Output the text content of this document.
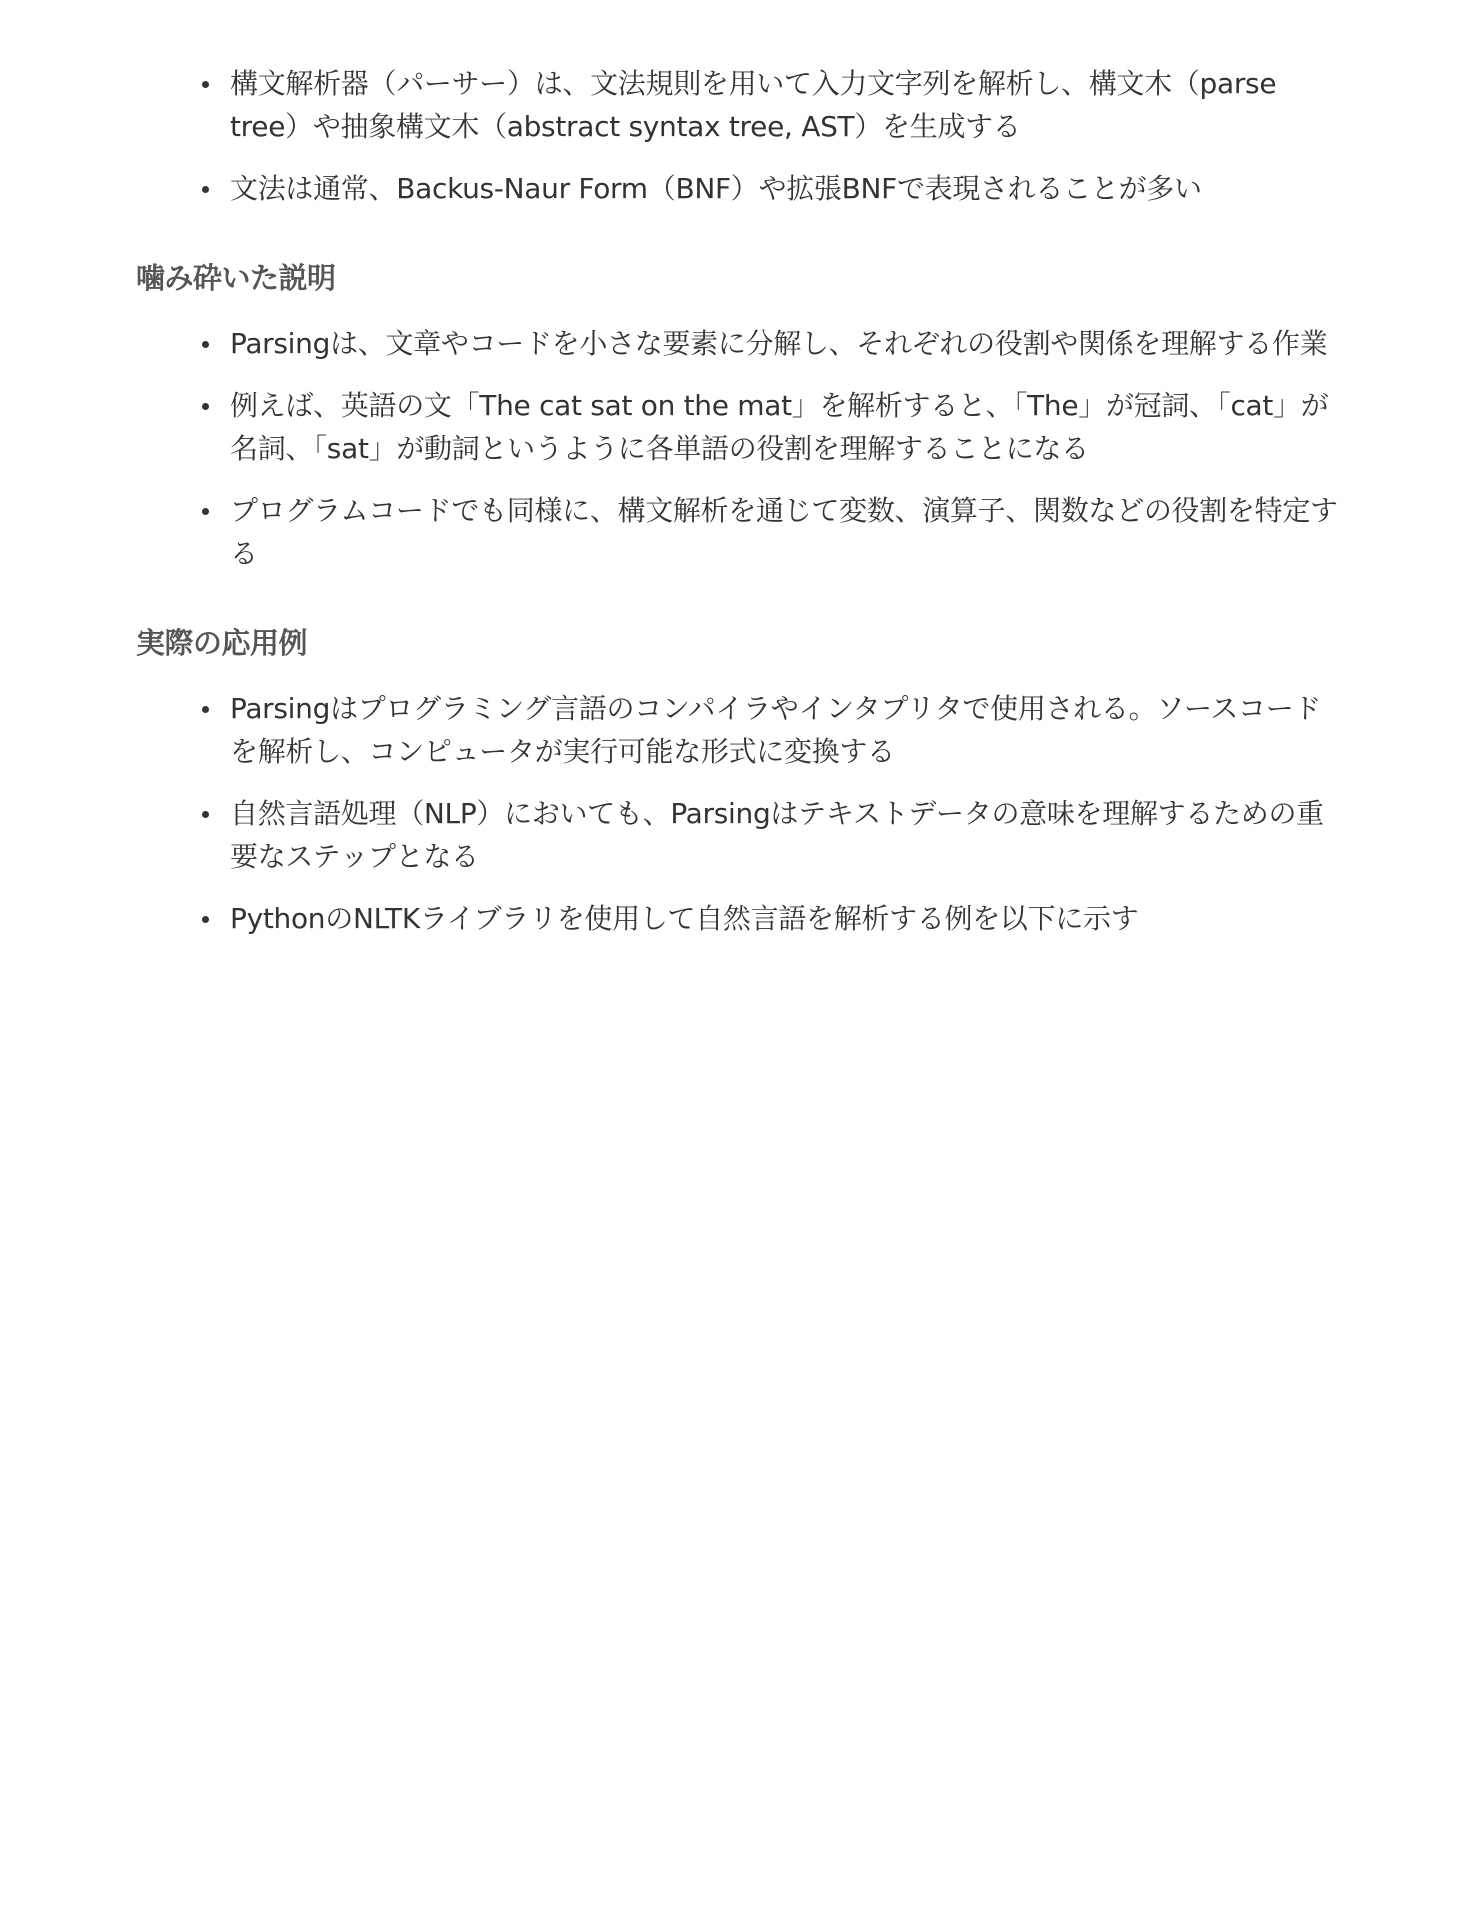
構文解析器（パーサー）は、文法規則を用いて入力文字列を解析し、構文木（parse tree）や抽象構文木（abstract syntax tree, AST）を生成する
文法は通常、Backus-Naur Form（BNF）や拡張BNFで表現されることが多い
噛み砕いた説明
Parsingは、文章やコードを小さな要素に分解し、それぞれの役割や関係を理解する作業
例えば、英語の文「The cat sat on the mat」を解析すると、「The」が冠詞、「cat」が名詞、「sat」が動詞というように各単語の役割を理解することになる
プログラムコードでも同様に、構文解析を通じて変数、演算子、関数などの役割を特定する
実際の応用例
Parsingはプログラミング言語のコンパイラやインタプリタで使用される。ソースコードを解析し、コンピュータが実行可能な形式に変換する
自然言語処理（NLP）においても、Parsingはテキストデータの意味を理解するための重要なステップとなる
PythonのNLTKライブラリを使用して自然言語を解析する例を以下に示す
